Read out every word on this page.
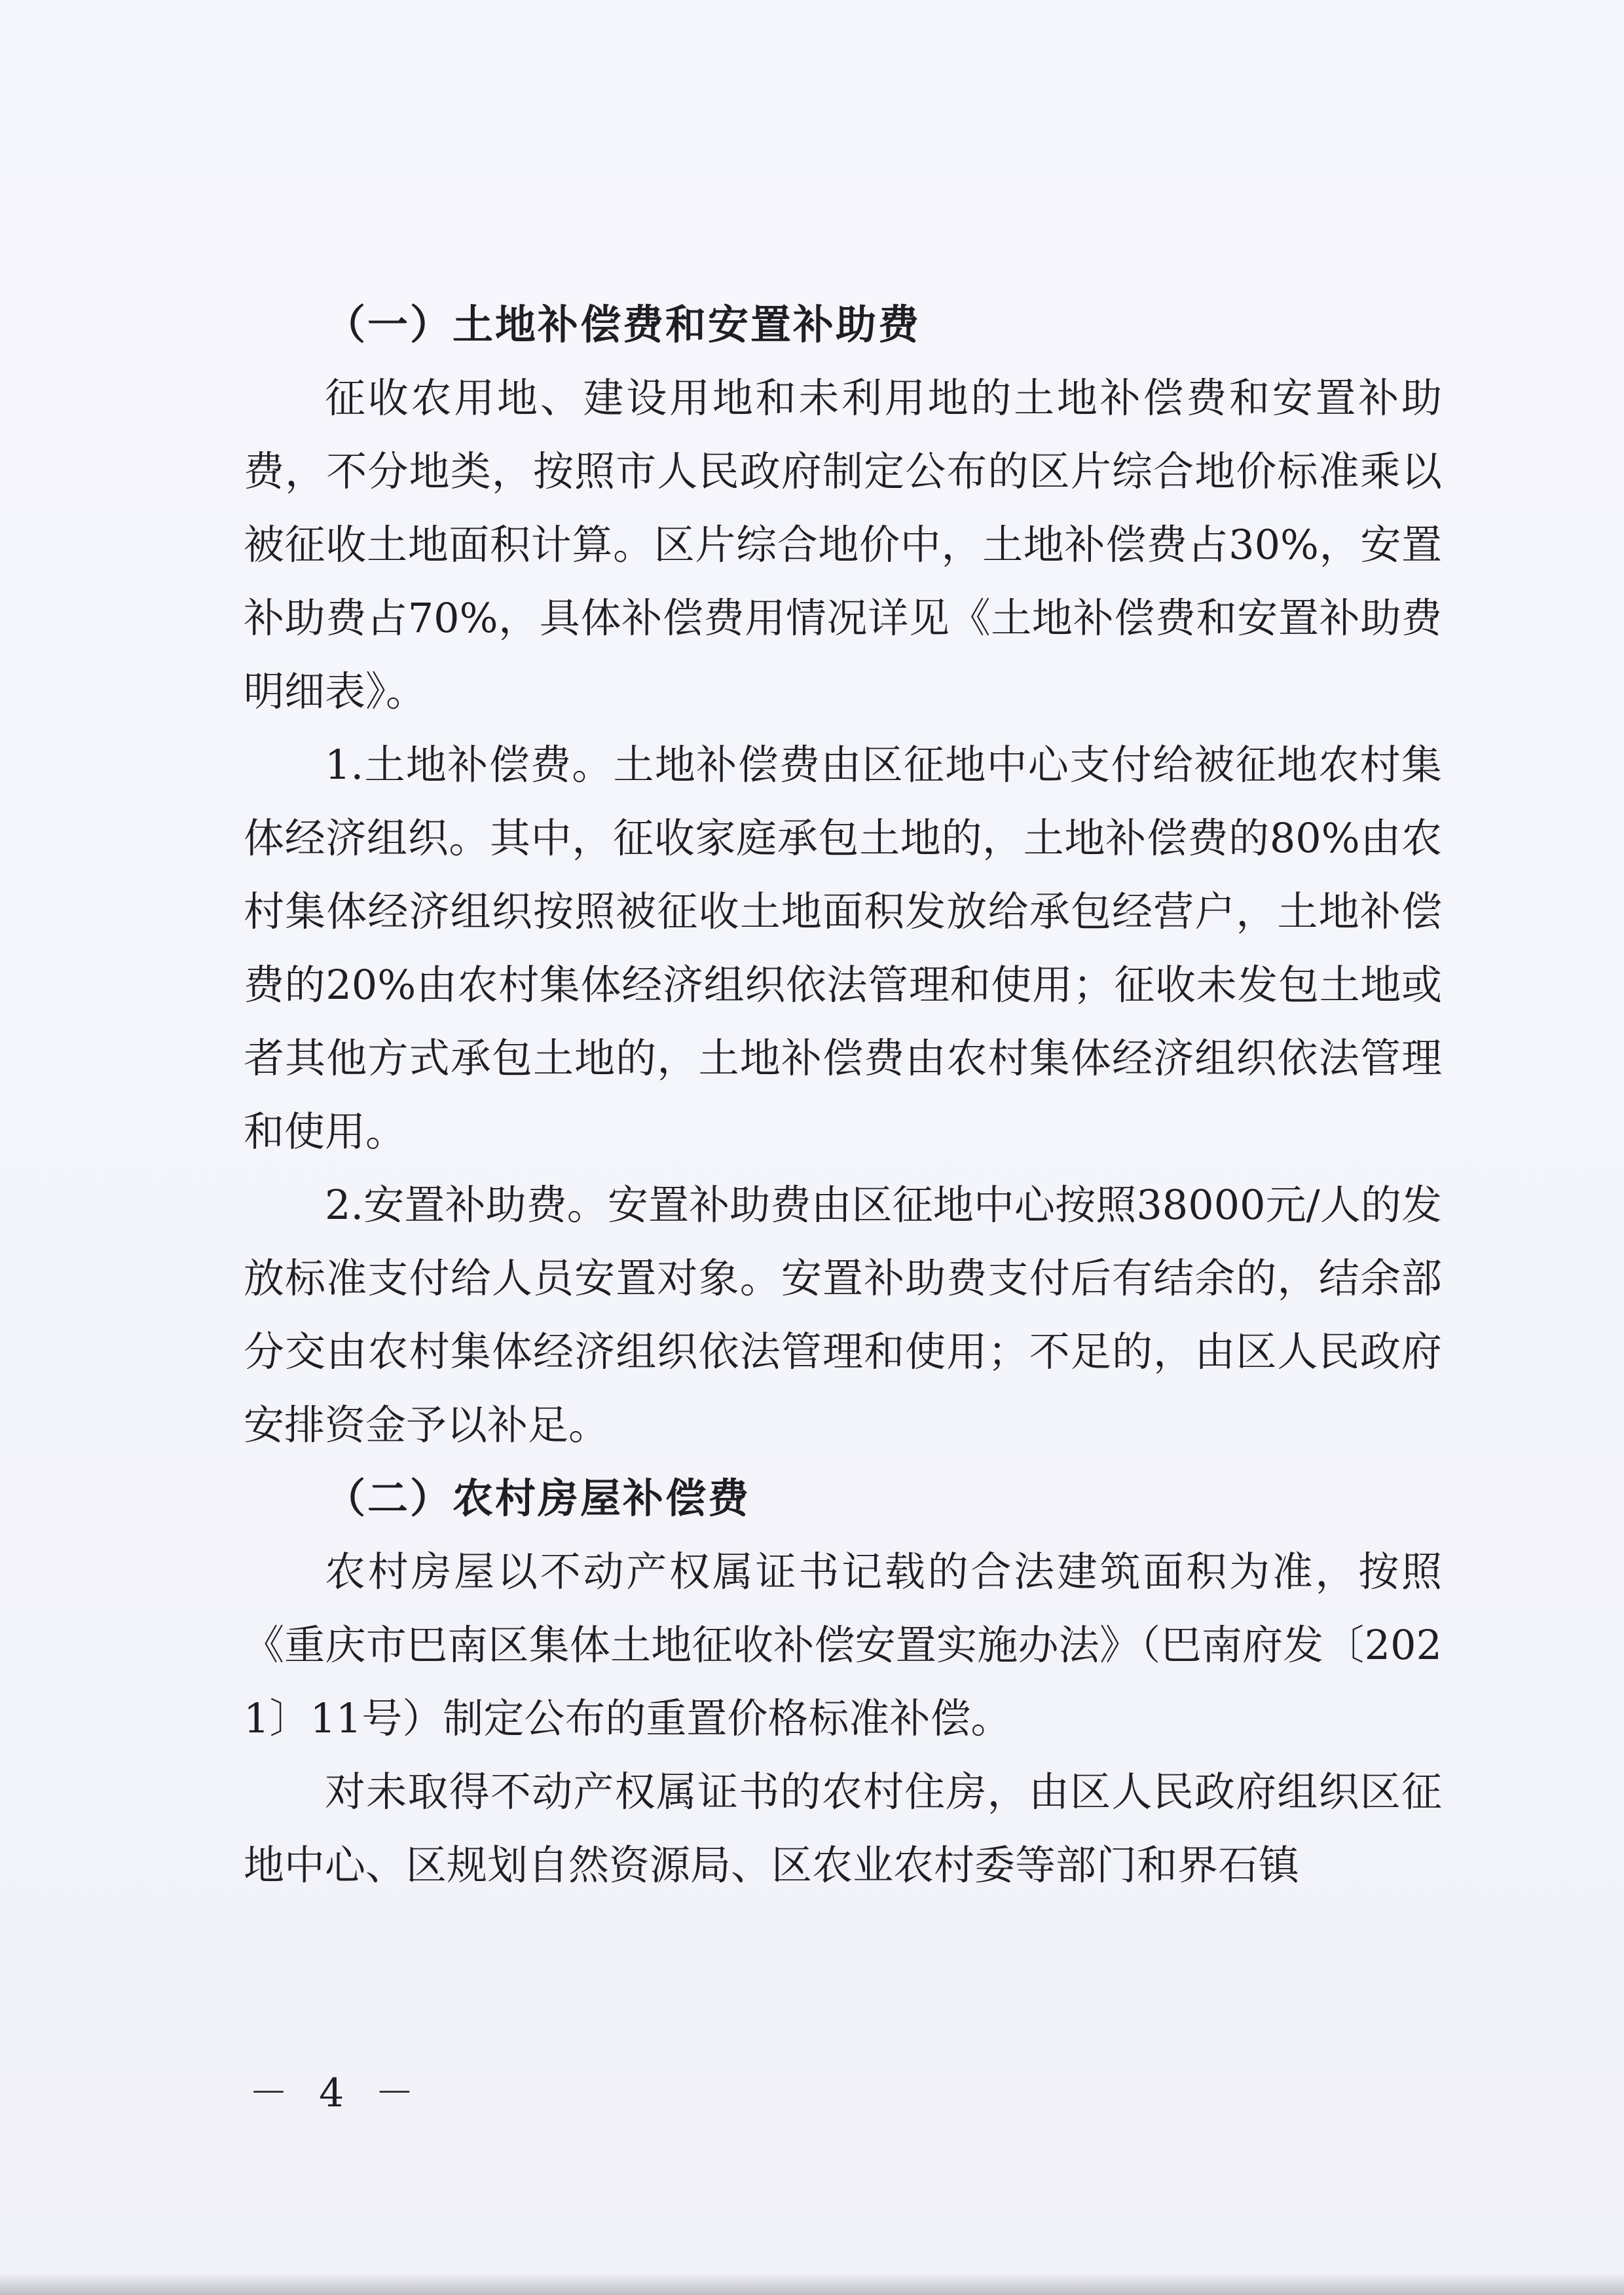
（一）土地补偿费和安置补助费

征收农用地、建设用地和未利用地的土地补偿费和安置补助费，不分地类，按照市人民政府制定公布的区片综合地价标准乘以被征收土地面积计算。区片综合地价中，土地补偿费占30%，安置补助费占70%，具体补偿费用情况详见《土地补偿费和安置补助费明细表》。

1.土地补偿费。土地补偿费由区征地中心支付给被征地农村集体经济组织。其中，征收家庭承包土地的，土地补偿费的80%由农村集体经济组织按照被征收土地面积发放给承包经营户，土地补偿费的20%由农村集体经济组织依法管理和使用；征收未发包土地或者其他方式承包土地的，土地补偿费由农村集体经济组织依法管理和使用。

2.安置补助费。安置补助费由区征地中心按照38000元/人的发放标准支付给人员安置对象。安置补助费支付后有结余的，结余部分交由农村集体经济组织依法管理和使用；不足的，由区人民政府安排资金予以补足。

（二）农村房屋补偿费

农村房屋以不动产权属证书记载的合法建筑面积为准，按照《重庆市巴南区集体土地征收补偿安置实施办法》（巴南府发〔2021〕11号）制定公布的重置价格标准补偿。

对未取得不动产权属证书的农村住房，由区人民政府组织区征地中心、区规划自然资源局、区农业农村委等部门和界石镇

－ 4 －
